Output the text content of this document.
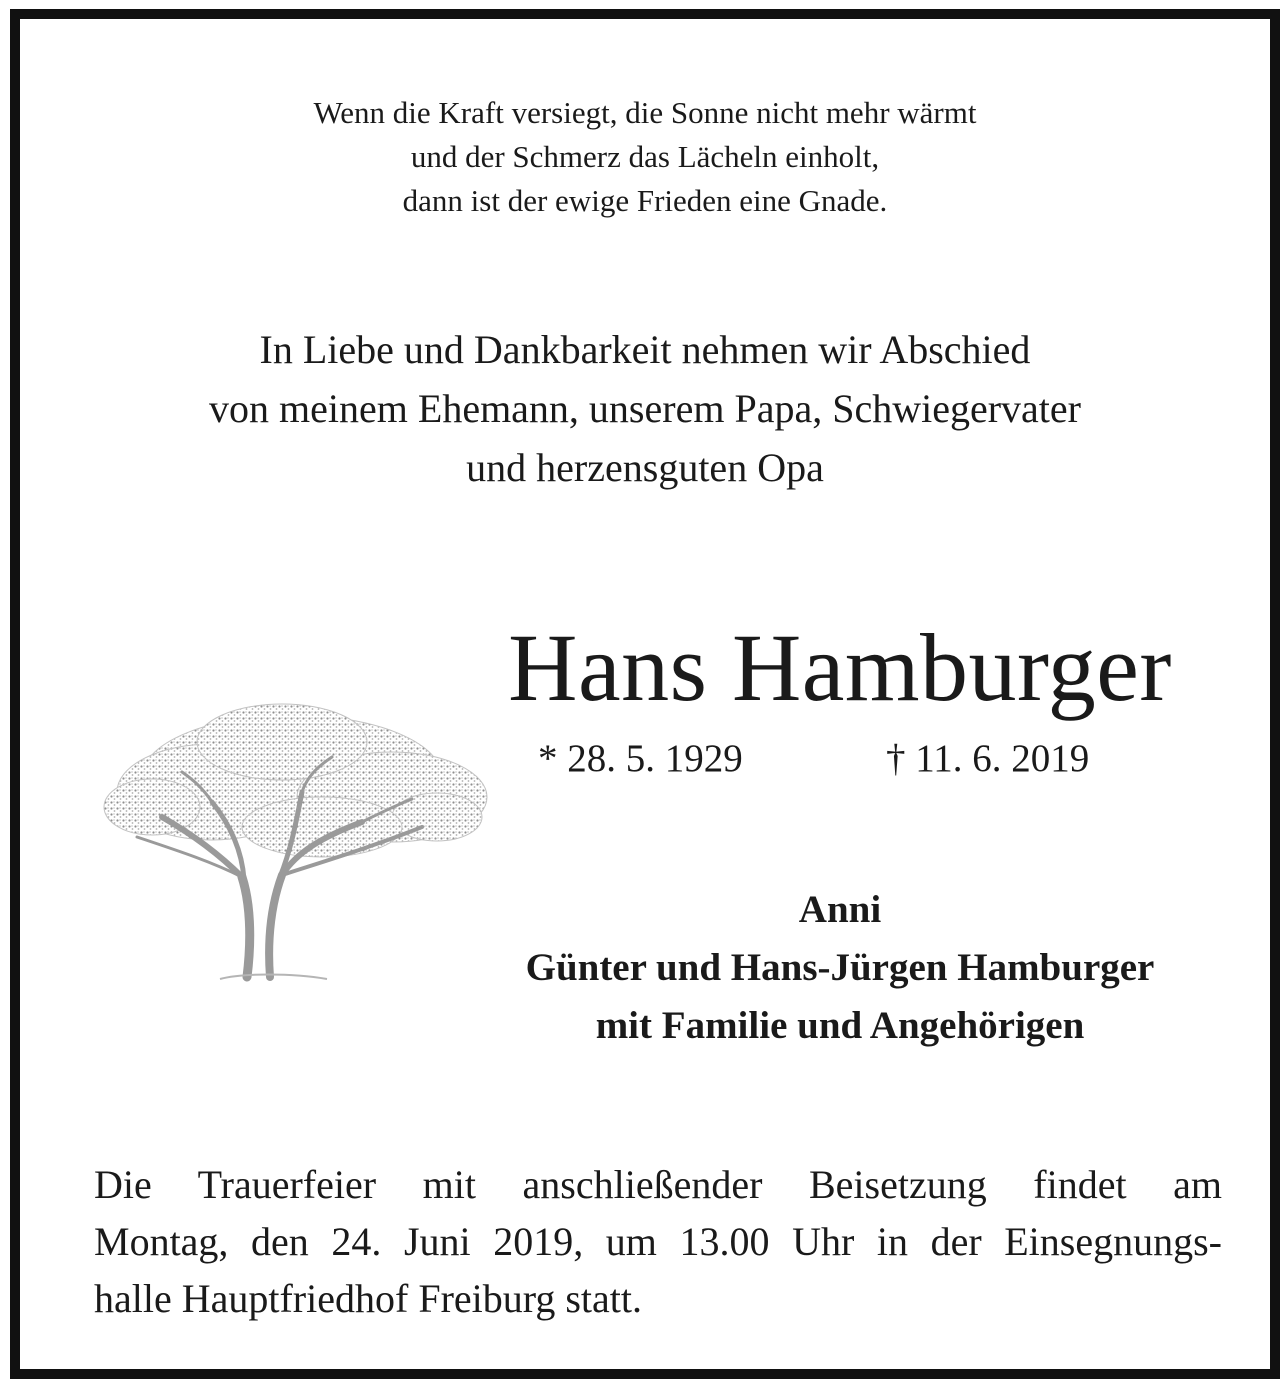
Wenn die Kraft versiegt, die Sonne nicht mehr wärmt
und der Schmerz das Lächeln einholt,
dann ist der ewige Frieden eine Gnade.
In Liebe und Dankbarkeit nehmen wir Abschied
von meinem Ehemann, unserem Papa, Schwiegervater
und herzensguten Opa
Hans Hamburger
* 28. 5. 1929	† 11. 6. 2019
Anni
Günter und Hans-Jürgen Hamburger
mit Familie und Angehörigen
Die Trauerfeier mit anschließender Beisetzung findet am
Montag, den 24. Juni 2019, um 13.00 Uhr in der Einsegnungs-
halle Hauptfriedhof Freiburg statt.
